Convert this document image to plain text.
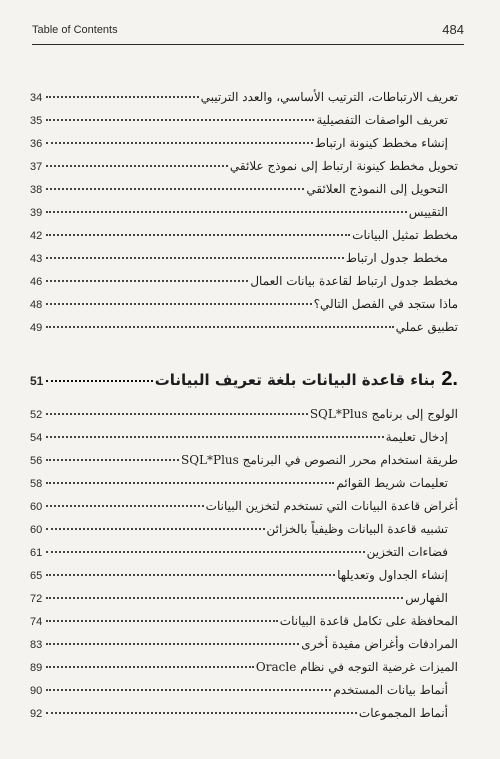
Table of Contents	484
34	تعريف الارتباطات، الترتيب الأساسي، والعدد الترتيبي
35	تعريف الواصفات التفصيلية
36	إنشاء مخطط كينونة ارتباط
37	تحويل مخطط كينونة ارتباط إلى نموذج علائقي
38	التحويل إلى النموذج العلائقي
39	التقييس
42	مخطط تمثيل البيانات
43	مخطط جدول ارتباط
46	مخطط جدول ارتباط لقاعدة بيانات العمال
48	ماذا ستجد في الفصل التالي؟
49	تطبيق عملي
51	بناء قاعدة البيانات بلغة تعريف البيانات 2.
52	الولوج إلى برنامج SQL*Plus
54	إدخال تعليمة
56	طريقة استخدام محرر النصوص في البرنامج SQL*Plus
58	تعليمات شريط القوائم
60	أغراض قاعدة البيانات التي تستخدم لتخزين البيانات
60	تشبيه قاعدة البيانات وظيفياً بالخزائن
61	فضاءات التخزين
65	إنشاء الجداول وتعديلها
72	الفهارس
74	المحافظة على تكامل قاعدة البيانات
83	المرادفات وأغراض مفيدة أخرى
89	الميزات غرضية التوجه في نظام Oracle
90	أنماط بيانات المستخدم
92	أنماط المجموعات
